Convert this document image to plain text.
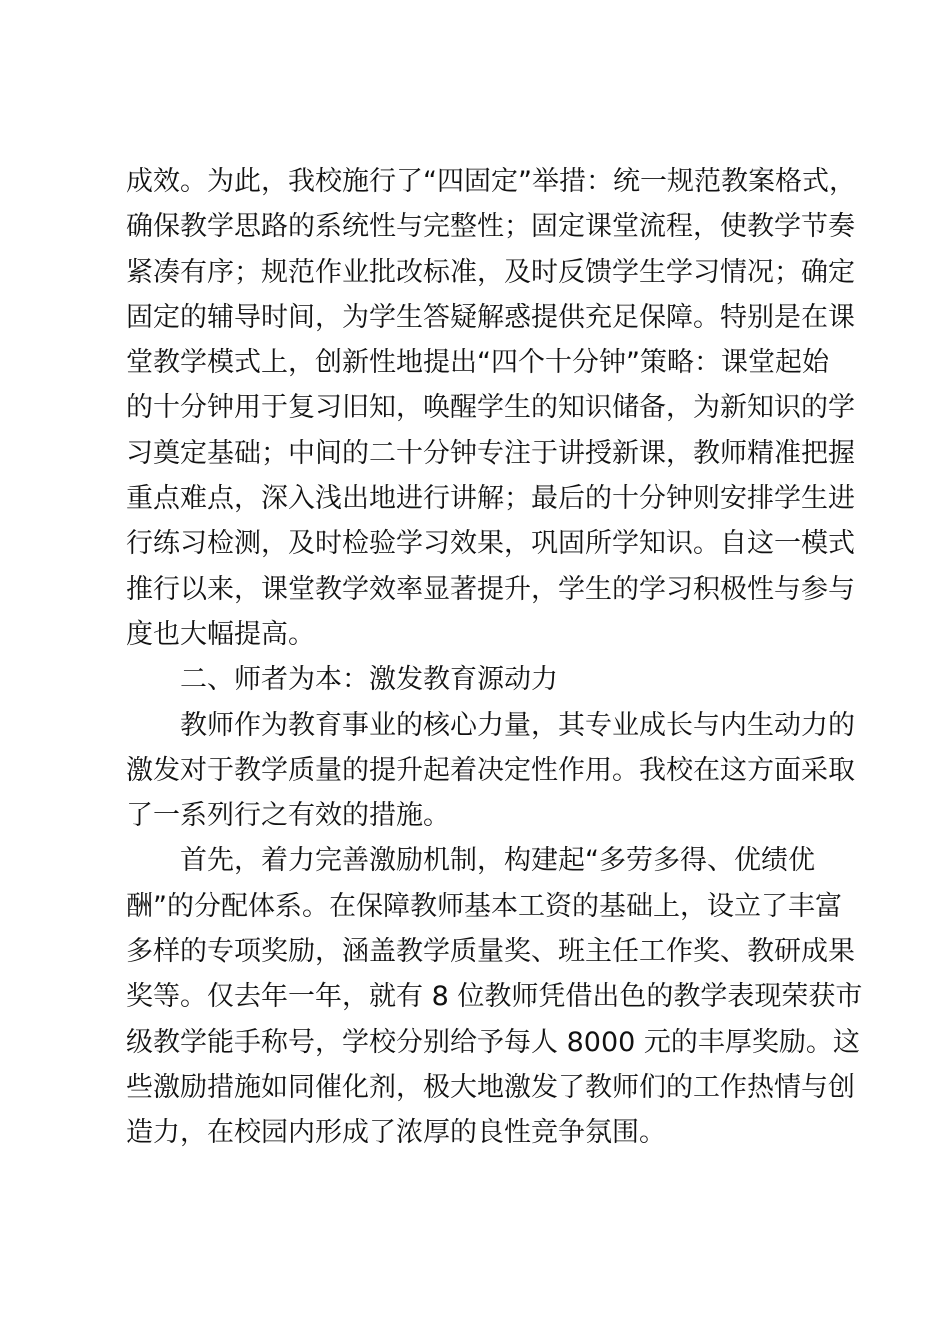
成效。为此，我校施行了“四固定”举措：统一规范教案格式，
确保教学思路的系统性与完整性；固定课堂流程，使教学节奏
紧凑有序；规范作业批改标准，及时反馈学生学习情况；确定
固定的辅导时间，为学生答疑解惑提供充足保障。特别是在课
堂教学模式上，创新性地提出“四个十分钟”策略：课堂起始
的十分钟用于复习旧知，唤醒学生的知识储备，为新知识的学
习奠定基础；中间的二十分钟专注于讲授新课，教师精准把握
重点难点，深入浅出地进行讲解；最后的十分钟则安排学生进
行练习检测，及时检验学习效果，巩固所学知识。自这一模式
推行以来，课堂教学效率显著提升，学生的学习积极性与参与
度也大幅提高。
二、师者为本：激发教育源动力
教师作为教育事业的核心力量，其专业成长与内生动力的
激发对于教学质量的提升起着决定性作用。我校在这方面采取
了一系列行之有效的措施。
首先，着力完善激励机制，构建起“多劳多得、优绩优
酬”的分配体系。在保障教师基本工资的基础上，设立了丰富
多样的专项奖励，涵盖教学质量奖、班主任工作奖、教研成果
奖等。仅去年一年，就有 8 位教师凭借出色的教学表现荣获市
级教学能手称号，学校分别给予每人 8000 元的丰厚奖励。这
些激励措施如同催化剂，极大地激发了教师们的工作热情与创
造力，在校园内形成了浓厚的良性竞争氛围。
